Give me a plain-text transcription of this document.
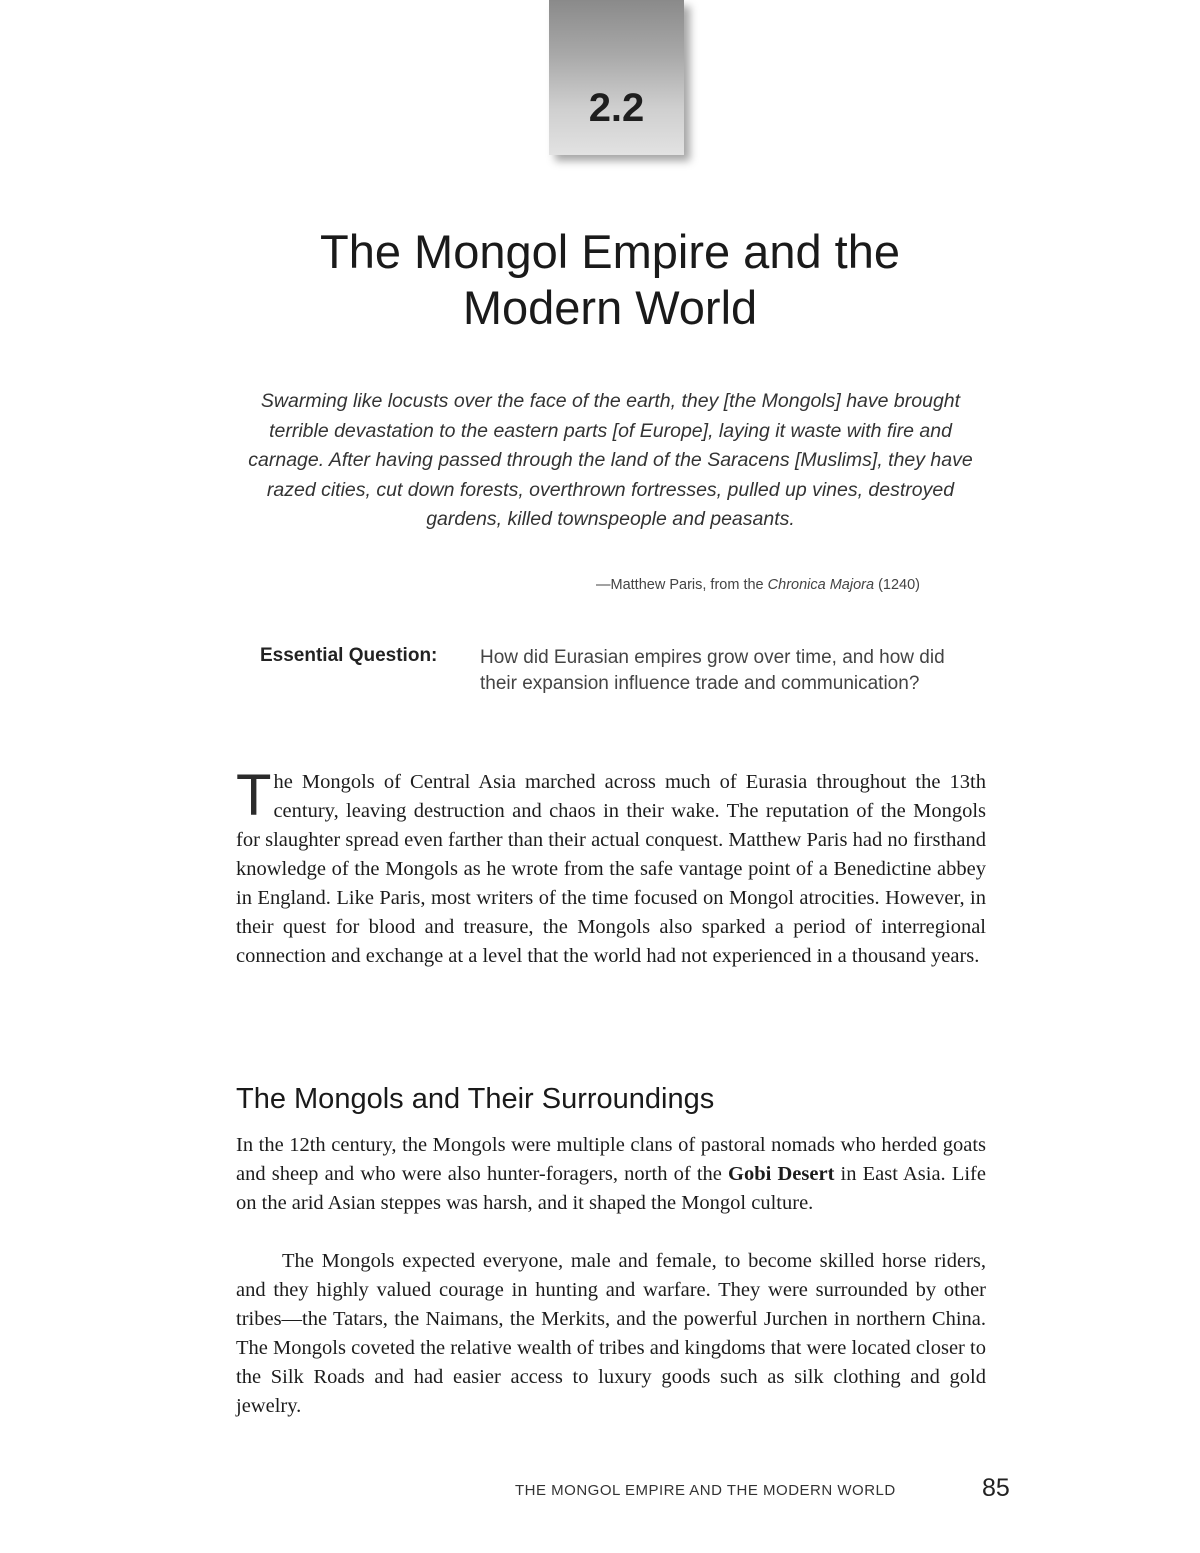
2.2
The Mongol Empire and the
Modern World

Swarming like locusts over the face of the earth, they [the Mongols] have brought terrible devastation to the eastern parts [of Europe], laying it waste with fire and carnage. After having passed through the land of the Saracens [Muslims], they have razed cities, cut down forests, overthrown fortresses, pulled up vines, destroyed gardens, killed townspeople and peasants.

—Matthew Paris, from the Chronica Majora (1240)
Essential Question: How did Eurasian empires grow over time, and how did their expansion influence trade and communication?

The Mongols of Central Asia marched across much of Eurasia throughout the 13th century, leaving destruction and chaos in their wake. The reputation of the Mongols for slaughter spread even farther than their actual conquest. Matthew Paris had no firsthand knowledge of the Mongols as he wrote from the safe vantage point of a Benedictine abbey in England. Like Paris, most writers of the time focused on Mongol atrocities. However, in their quest for blood and treasure, the Mongols also sparked a period of interregional connection and exchange at a level that the world had not experienced in a thousand years.

The Mongols and Their Surroundings

In the 12th century, the Mongols were multiple clans of pastoral nomads who herded goats and sheep and who were also hunter-foragers, north of the Gobi Desert in East Asia. Life on the arid Asian steppes was harsh, and it shaped the Mongol culture.

The Mongols expected everyone, male and female, to become skilled horse riders, and they highly valued courage in hunting and warfare. They were surrounded by other tribes—the Tatars, the Naimans, the Merkits, and the powerful Jurchen in northern China. The Mongols coveted the relative wealth of tribes and kingdoms that were located closer to the Silk Roads and had easier access to luxury goods such as silk clothing and gold jewelry.

THE MONGOL EMPIRE AND THE MODERN WORLD	85
